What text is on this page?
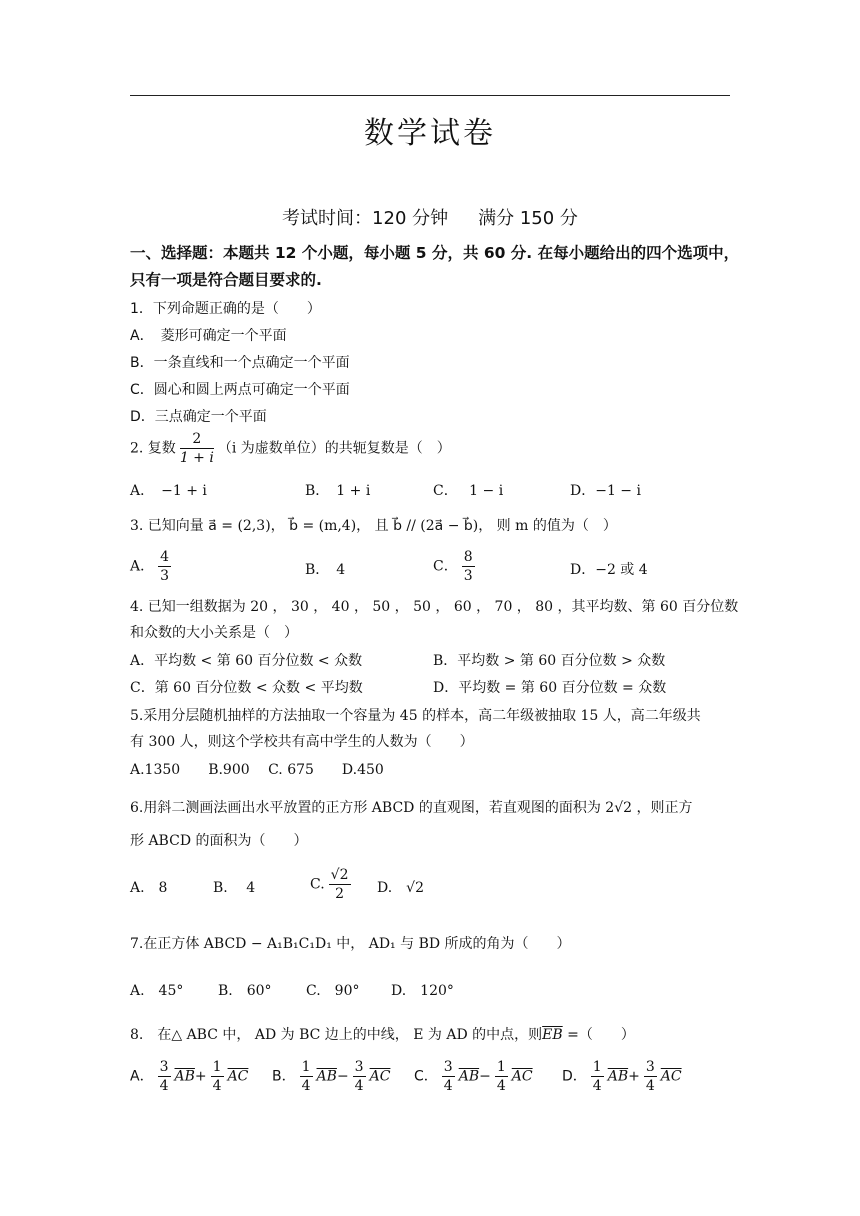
数学试卷
考试时间：120 分钟 满分 150 分
一、选择题：本题共 12 个小题，每小题 5 分，共 60 分. 在每小题给出的四个选项中，只有一项是符合题目要求的.
1．下列命题正确的是（　　）
A．　菱形可确定一个平面
B．一条直线和一个点确定一个平面
C．圆心和圆上两点可确定一个平面
D．三点确定一个平面
2. 复数 $\frac{2}{1 + i} (i$ 为虚数单位）的共轭复数是（　）
A．　−1 + i	B．　1 + i	C．　 1 − i	D．−1 − i
3. 已知向量 a⃗ = (2,3)， b⃗ = (m,4)， 且 b⃗ // (2a⃗ − b⃗)， 则 m 的值为（　）
A． $\frac{4}{3}$	B．　4	C． $\frac{8}{3}$	D．−2 或 4
4. 已知一组数据为 20 ， 30 ， 40 ， 50 ， 50 ， 60 ， 70 ， 80 ，其平均数、第 60 百分位数
和众数的大小关系是（　）
A．平均数 < 第 60 百分位数 < 众数	B．平均数 > 第 60 百分位数 > 众数
C．第 60 百分位数 < 众数 < 平均数	D．平均数 = 第 60 百分位数 = 众数
5.采用分层随机抽样的方法抽取一个容量为 45 的样本，高二年级被抽取 15 人，高二年级共
有 300 人，则这个学校共有高中学生的人数为（　　）
A.1350　　B.900　 C. 675　　D.450
6.用斜二测画法画出水平放置的正方形 ABCD 的直观图，若直观图的面积为 2√2 ，则正方
形 ABCD 的面积为（　　）
A.　8	B.　 4	C. $\frac{√2}{2} D$.　√2
7.在正方体 ABCD − A₁B₁C₁D₁ 中， AD₁ 与 BD 所成的角为（　　）
A.　45° B.　60° C.　90° D.　120°
8.　在△ ABC 中， AD 为 BC 边上的中线， E 为 AD 的中点，则$\overline{EB}$ =（　　）
A． $\frac{3}{4} \overline{AB}+ \frac{1}{4} \overline{AC}$ B． $\frac{1}{4} \overline{AB}- \frac{3}{4} \overline{AC}$ C． $\frac{3}{4} \overline{AB}- \frac{1}{4} \overline{AC}$ D． $\frac{1}{4} \overline{AB}+ \frac{3}{4} \overline{AC}$
